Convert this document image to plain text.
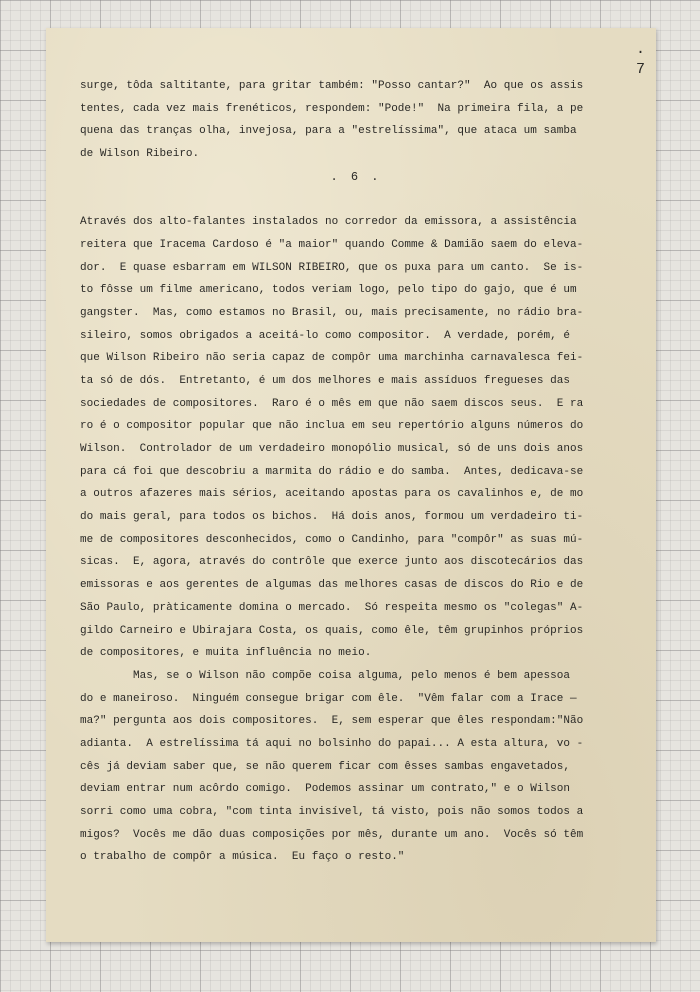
· 7
surge, tôda saltitante, para gritar também: "Posso cantar?"  Ao que os assis
tentes, cada vez mais frenéticos, respondem: "Pode!"  Na primeira fila, a pe
quena das tranças olha, invejosa, para a "estrelíssima", que ataca um samba
de Wilson Ribeiro.
. 6 .
Através dos alto-falantes instalados no corredor da emissora, a assistência
reitera que Iracema Cardoso é "a maior" quando Comme & Damião saem do eleva-
dor.  E quase esbarram em WILSON RIBEIRO, que os puxa para um canto.  Se is-
to fôsse um filme americano, todos veriam logo, pelo tipo do gajo, que é um
gangster.  Mas, como estamos no Brasil, ou, mais precisamente, no rádio bra-
sileiro, somos obrigados a aceitá-lo como compositor.  A verdade, porém, é
que Wilson Ribeiro não seria capaz de compôr uma marchinha carnavalesca fei-
ta só de dós.  Entretanto, é um dos melhores e mais assíduos fregueses das
sociedades de compositores.  Raro é o mês em que não saem discos seus.  E ra
ro é o compositor popular que não inclua em seu repertório alguns números do
Wilson.  Controlador de um verdadeiro monopólio musical, só de uns dois anos
para cá foi que descobriu a marmita do rádio e do samba.  Antes, dedicava-se
a outros afazeres mais sérios, aceitando apostas para os cavalinhos e, de mo
do mais geral, para todos os bichos.  Há dois anos, formou um verdadeiro ti-
me de compositores desconhecidos, como o Candinho, para "compôr" as suas mú-
sicas.  E, agora, através do contrôle que exerce junto aos discotecários das
emissoras e aos gerentes de algumas das melhores casas de discos do Rio e de
São Paulo, pràticamente domina o mercado.  Só respeita mesmo os "colegas" A-
gildo Carneiro e Ubirajara Costa, os quais, como êle, têm grupinhos próprios
de compositores, e muita influência no meio.
Mas, se o Wilson não compõe coisa alguma, pelo menos é bem apessoa
do e maneiroso.  Ninguém consegue brigar com êle.  "Vêm falar com a Irace —
ma?" pergunta aos dois compositores.  E, sem esperar que êles respondam:"Não
adianta.  A estrelíssima tá aqui no bolsinho do papai... A esta altura, vo -
cês já deviam saber que, se não querem ficar com êsses sambas engavetados,
deviam entrar num acôrdo comigo.  Podemos assinar um contrato," e o Wilson
sorri como uma cobra, "com tinta invisível, tá visto, pois não somos todos a
migos?  Vocês me dão duas composições por mês, durante um ano.  Vocês só têm
o trabalho de compôr a música.  Eu faço o resto."
